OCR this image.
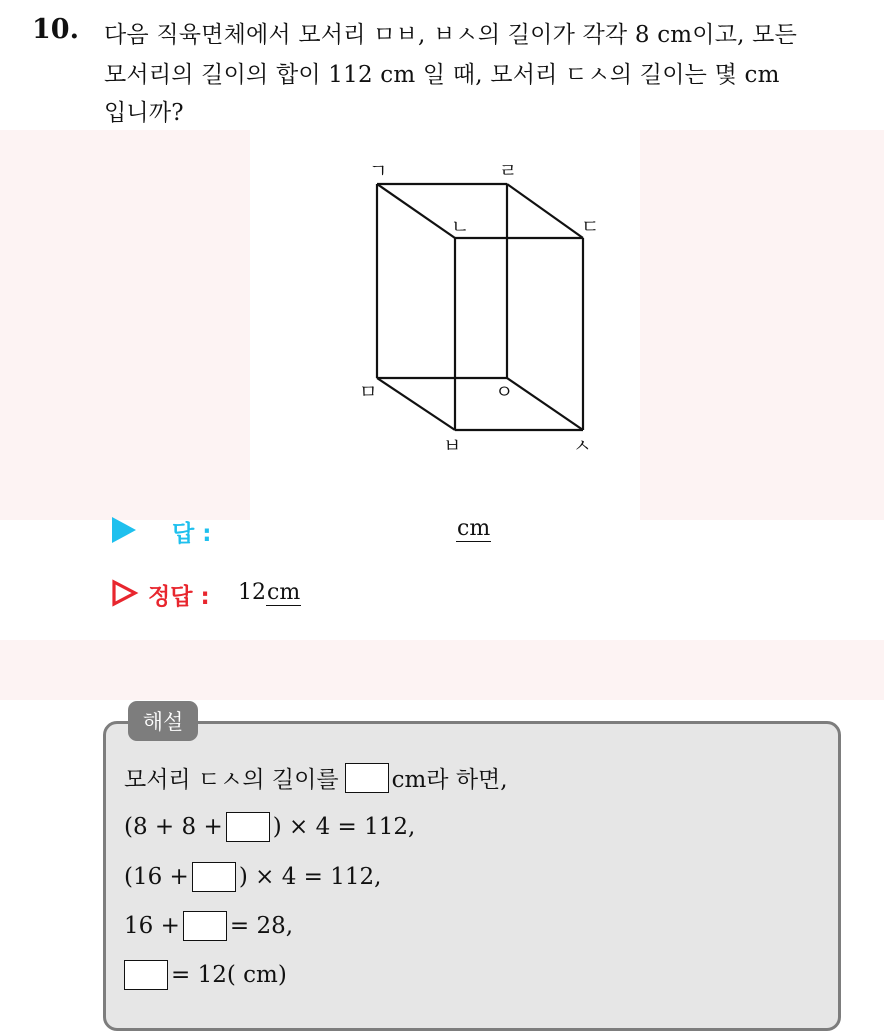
10. 다음 직육면체에서 모서리 ㅁㅂ, ㅂㅅ의 길이가 각각 8 cm이고, 모든
모서리의 길이의 합이 112 cm 일 때, 모서리 ㄷㅅ의 길이는 몇 cm
입니까?
ㄱ	ㄹ
ㄴ	ㄷ
ㅁ	ㅇ
ㅂ	ㅅ
답 :	cm
정답 : 12cm
해설
모서리 ㄷㅅ의 길이를 cm라 하면,
(8 + 8 + ) × 4 = 112,
(16 + ) × 4 = 112,
16 + = 28,
= 12( cm)
